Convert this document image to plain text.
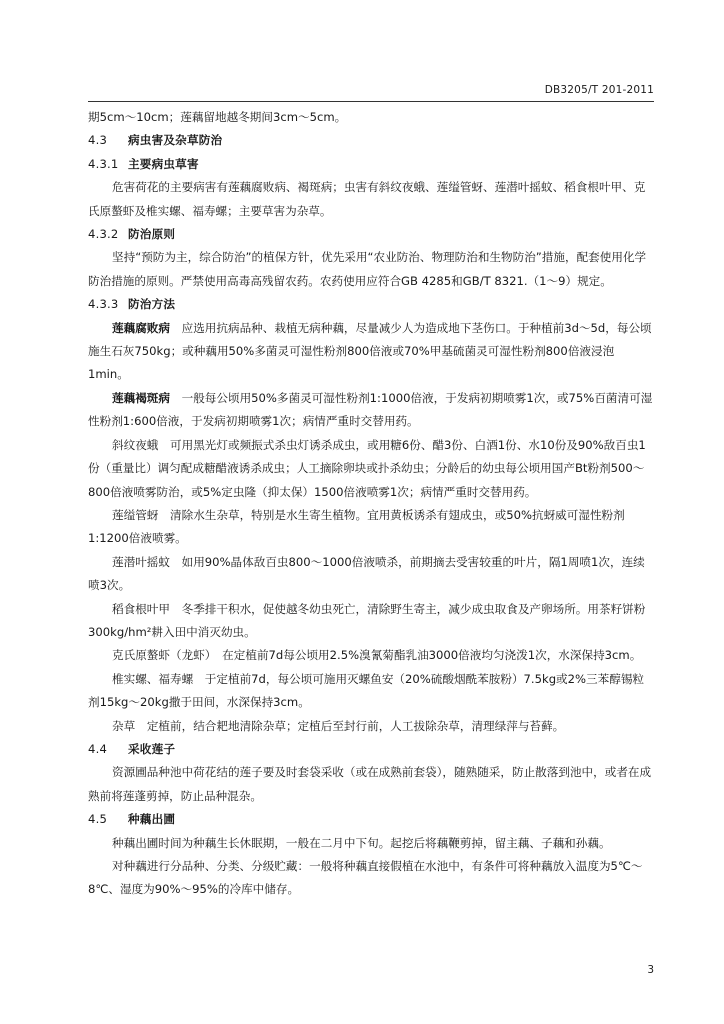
DB3205/T 201-2011

期5cm～10cm；莲藕留地越冬期间3cm～5cm。

4.3 病虫害及杂草防治

4.3.1 主要病虫草害

危害荷花的主要病害有莲藕腐败病、褐斑病；虫害有斜纹夜蛾、莲缢管蚜、莲潜叶摇蚊、稻食根叶甲、克氏原螯虾及椎实螺、福寿螺；主要草害为杂草。

4.3.2 防治原则

坚持“预防为主，综合防治”的植保方针，优先采用“农业防治、物理防治和生物防治”措施，配套使用化学防治措施的原则。严禁使用高毒高残留农药。农药使用应符合GB 4285和GB/T 8321.（1～9）规定。

4.3.3 防治方法

莲藕腐败病　 应选用抗病品种、栽植无病种藕，尽量减少人为造成地下茎伤口。于种植前3d～5d，每公顷施生石灰750kg；或种藕用50%多菌灵可湿性粉剂800倍液或70%甲基硫菌灵可湿性粉剂800倍液浸泡1min。

莲藕褐斑病　 一般每公顷用50%多菌灵可湿性粉剂1:1000倍液，于发病初期喷雾1次，或75%百菌清可湿性粉剂1:600倍液，于发病初期喷雾1次；病情严重时交替用药。

斜纹夜蛾　 可用黑光灯或频振式杀虫灯诱杀成虫，或用糖6份、醋3份、白酒1份、水10份及90%敌百虫1份（重量比）调匀配成糖醋液诱杀成虫；人工摘除卵块或扑杀幼虫；分龄后的幼虫每公顷用国产Bt粉剂500～800倍液喷雾防治，或5%定虫隆（抑太保）1500倍液喷雾1次；病情严重时交替用药。

莲缢管蚜　 清除水生杂草，特别是水生寄生植物。宜用黄板诱杀有翅成虫，或50%抗蚜威可湿性粉剂1:1200倍液喷雾。

莲潜叶摇蚊　 如用90%晶体敌百虫800～1000倍液喷杀，前期摘去受害较重的叶片，隔1周喷1次，连续喷3次。

稻食根叶甲　 冬季排干积水，促使越冬幼虫死亡，清除野生寄主，减少成虫取食及产卵场所。用茶籽饼粉300kg/hm²耕入田中消灭幼虫。

克氏原螯虾（龙虾）　 在定植前7d每公顷用2.5%溴氰菊酯乳油3000倍液均匀浇泼1次，水深保持3cm。

椎实螺、福寿螺　 于定植前7d，每公顷可施用灭螺鱼安（20%硫酸烟酰苯胺粉）7.5kg或2%三苯醇锡粒剂15kg～20kg撒于田间，水深保持3cm。

杂草　 定植前，结合耙地清除杂草；定植后至封行前，人工拔除杂草，清理绿萍与苔藓。

4.4 采收莲子

资源圃品种池中荷花结的莲子要及时套袋采收（或在成熟前套袋），随熟随采，防止散落到池中，或者在成熟前将莲蓬剪掉，防止品种混杂。

4.5 种藕出圃

种藕出圃时间为种藕生长休眠期，一般在二月中下旬。起挖后将藕鞭剪掉，留主藕、子藕和孙藕。

对种藕进行分品种、分类、分级贮藏：一般将种藕直接假植在水池中，有条件可将种藕放入温度为5℃～8℃、湿度为90%～95%的冷库中储存。

3
